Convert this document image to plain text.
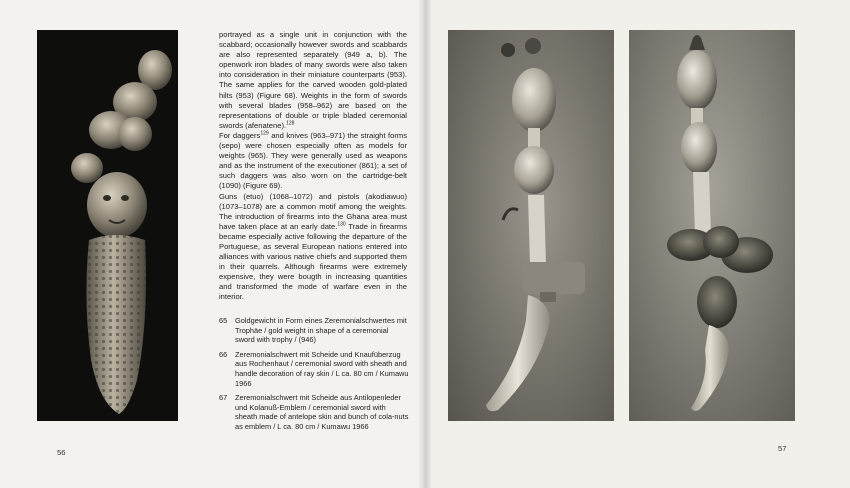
portrayed as a single unit in conjunction with the scabbard; occasionally however swords and scabbards are also represented separately (949 a, b). The openwork iron blades of many swords were also taken into consideration in their miniature counterparts (953). The same applies for the carved wooden gold-plated hilts (953) (Figure 68). Weights in the form of swords with several blades (958–962) are based on the representations of double or triple bladed ceremonial swords (afenatene).$^{128}$
For daggers$^{129}$ and knives (963–971) the straight forms (sepo) were chosen especially often as models for weights (965). They were generally used as weapons and as the instrument of the executioner (861); a set of such daggers was also worn on the cartridge-belt (1090) (Figure 69).
Guns (etuo) (1068–1072) and pistols (akodiawuo) (1073–1078) are a common motif among the weights. The introduction of firearms into the Ghana area must have taken place at an early date.$^{130}$ Trade in firearms became especially active following the departure of the Portuguese, as several European nations entered into alliances with various native chiefs and supported them in their quarrels. Although firearms were extremely expensive, they were bougth in increasing quantities and transformed the mode of warfare even in the interior.
65 Goldgewicht in Form eines Zeremonialschwertes mit Trophäe / gold weight in shape of a ceremonial sword with trophy / (946)
66 Zeremonialschwert mit Scheide und Knaufüberzug aus Rochenhaut / ceremonial sword with sheath and handle decoration of ray skin / L ca. 80 cm / Kumawu 1966
67 Zeremonialschwert mit Scheide aus Antilopenleder und Kolanuß-Emblem / ceremonial sword with sheath made of antelope skin and bunch of cola-nuts as emblem / L ca. 80 cm / Kumawu 1966
56	57
